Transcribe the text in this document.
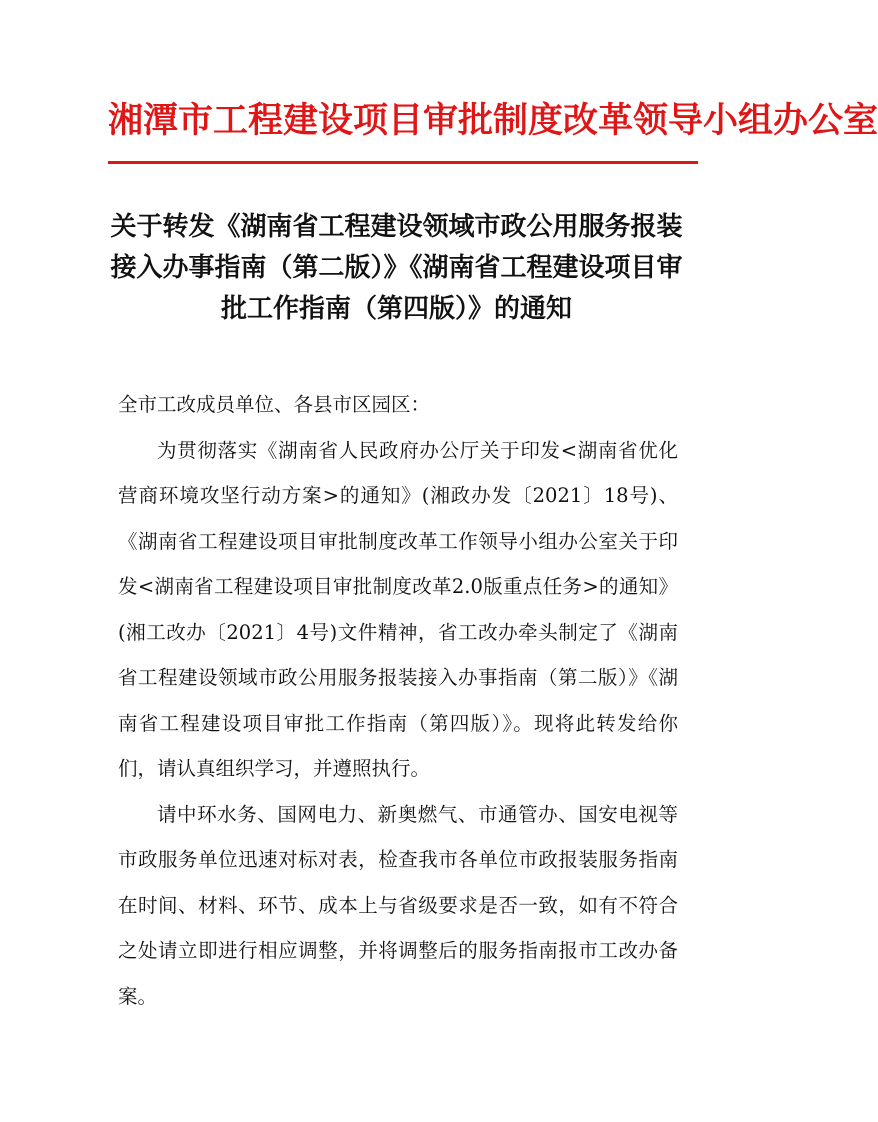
湘潭市工程建设项目审批制度改革领导小组办公室
关于转发《湖南省工程建设领域市政公用服务报装接入办事指南（第二版）》《湖南省工程建设项目审批工作指南（第四版）》的通知

全市工改成员单位、各县市区园区：

为贯彻落实《湖南省人民政府办公厅关于印发<湖南省优化营商环境攻坚行动方案>的通知》(湘政办发〔2021〕18号)、《湖南省工程建设项目审批制度改革工作领导小组办公室关于印发<湖南省工程建设项目审批制度改革2.0版重点任务>的通知》(湘工改办〔2021〕4号)文件精神，省工改办牵头制定了《湖南省工程建设领域市政公用服务报装接入办事指南（第二版）》《湖南省工程建设项目审批工作指南（第四版）》。现将此转发给你们，请认真组织学习，并遵照执行。

请中环水务、国网电力、新奥燃气、市通管办、国安电视等市政服务单位迅速对标对表，检查我市各单位市政报装服务指南在时间、材料、环节、成本上与省级要求是否一致，如有不符合之处请立即进行相应调整，并将调整后的服务指南报市工改办备案。
